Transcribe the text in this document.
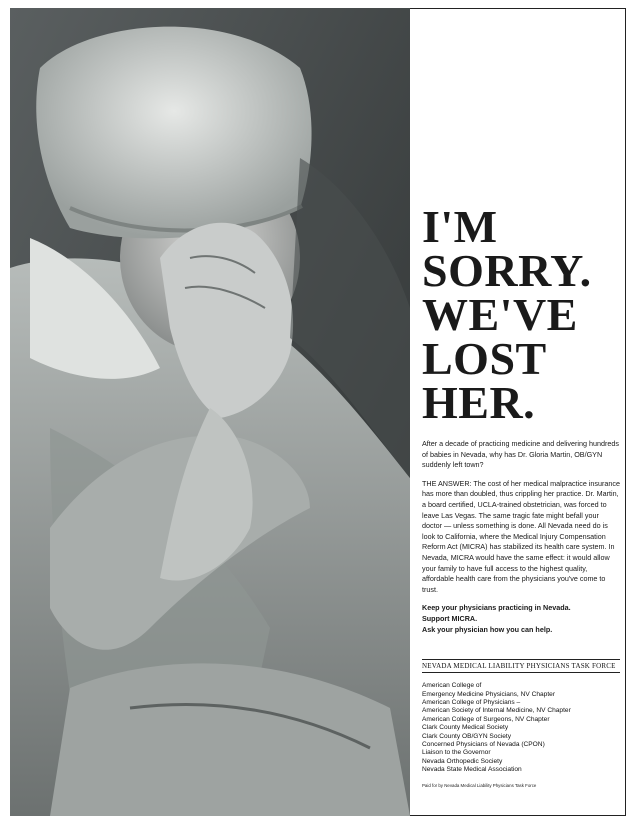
I'M
SORRY.
WE'VE
LOST
HER.

After a decade of practicing medicine and delivering hundreds of babies in Nevada, why has Dr. Gloria Martin, OB/GYN suddenly left town?

THE ANSWER: The cost of her medical malpractice insurance has more than doubled, thus crippling her practice. Dr. Martin, a board certified, UCLA-trained obstetrician, was forced to leave Las Vegas. The same tragic fate might befall your doctor — unless something is done. All Nevada need do is look to California, where the Medical Injury Compensation Reform Act (MICRA) has stabilized its health care system. In Nevada, MICRA would have the same effect: it would allow your family to have full access to the highest quality, affordable health care from the physicians you've come to trust.

Keep your physicians practicing in Nevada.
Support MICRA.
Ask your physician how you can help.

NEVADA MEDICAL LIABILITY PHYSICIANS TASK FORCE

American College of
Emergency Medicine Physicians, NV Chapter

American College of Physicians –
American Society of Internal Medicine, NV Chapter

American College of Surgeons, NV Chapter

Clark County Medical Society

Clark County OB/GYN Society

Concerned Physicians of Nevada (CPON)

Liaison to the Governor

Nevada Orthopedic Society

Nevada State Medical Association

Paid for by Nevada Medical Liability Physicians Task Force
